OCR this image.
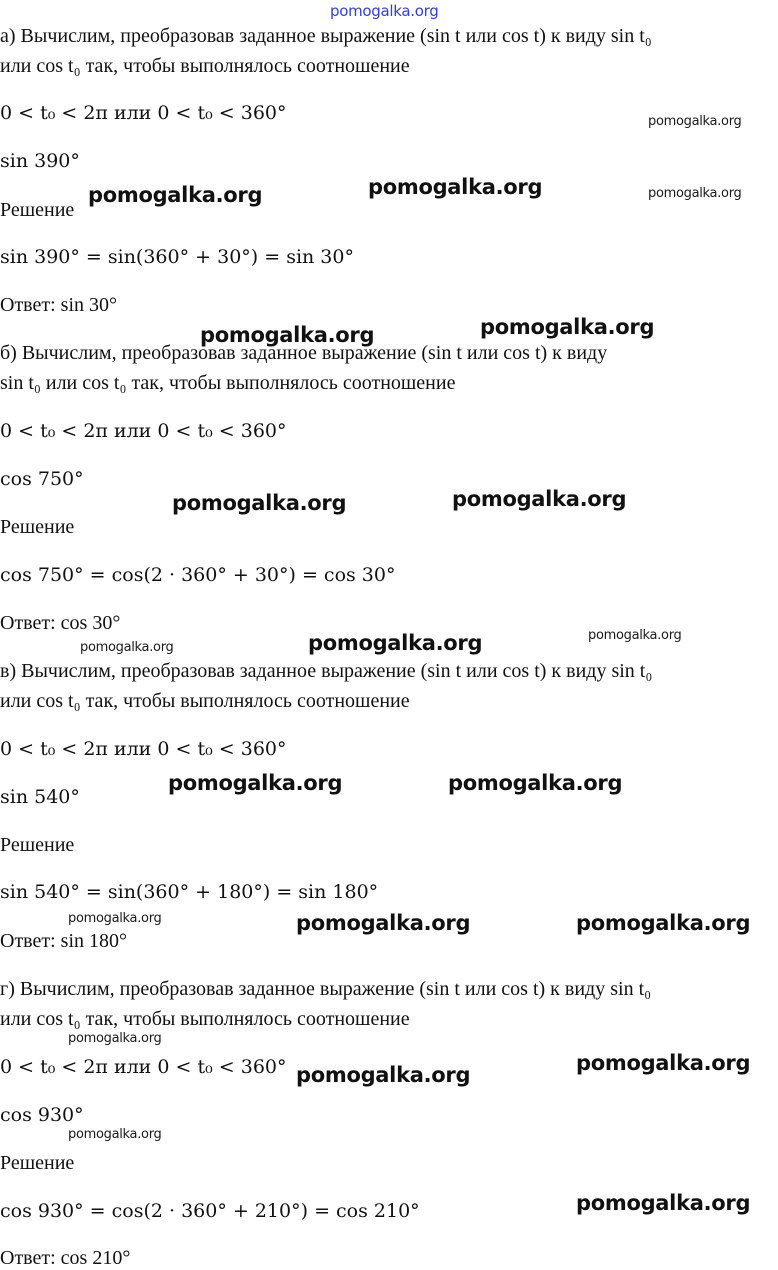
pomogalka.org

а) Вычислим, преобразовав заданное выражение (sin t или cos t) к виду sin t₀

или cos t₀ так, чтобы выполнялось соотношение

0 < t₀ < 2π или 0 < t₀ < 360°

sin 390°

Решение

sin 390° = sin(360° + 30°) = sin 30°

Ответ: sin 30°

б) Вычислим, преобразовав заданное выражение (sin t или cos t) к виду

sin t₀ или cos t₀ так, чтобы выполнялось соотношение

0 < t₀ < 2π или 0 < t₀ < 360°

cos 750°

Решение

cos 750° = cos(2 · 360° + 30°) = cos 30°

Ответ: cos 30°

в) Вычислим, преобразовав заданное выражение (sin t или cos t) к виду sin t₀

или cos t₀ так, чтобы выполнялось соотношение

0 < t₀ < 2π или 0 < t₀ < 360°

sin 540°

Решение

sin 540° = sin(360° + 180°) = sin 180°

Ответ: sin 180°

г) Вычислим, преобразовав заданное выражение (sin t или cos t) к виду sin t₀

или cos t₀ так, чтобы выполнялось соотношение

0 < t₀ < 2π или 0 < t₀ < 360°

cos 930°

Решение

cos 930° = cos(2 · 360° + 210°) = cos 210°

Ответ: cos 210°

pomogalka.org
pomogalka.org
pomogalka.org	pomogalka.org
pomogalka.org
pomogalka.org
pomogalka.org
pomogalka.org
pomogalka.org
pomogalka.org
pomogalka.org
pomogalka.org	pomogalka.org
pomogalka.org	pomogalka.org	pomogalka.org
pomogalka.org
pomogalka.org
pomogalka.org
pomogalka.org
pomogalka.org
